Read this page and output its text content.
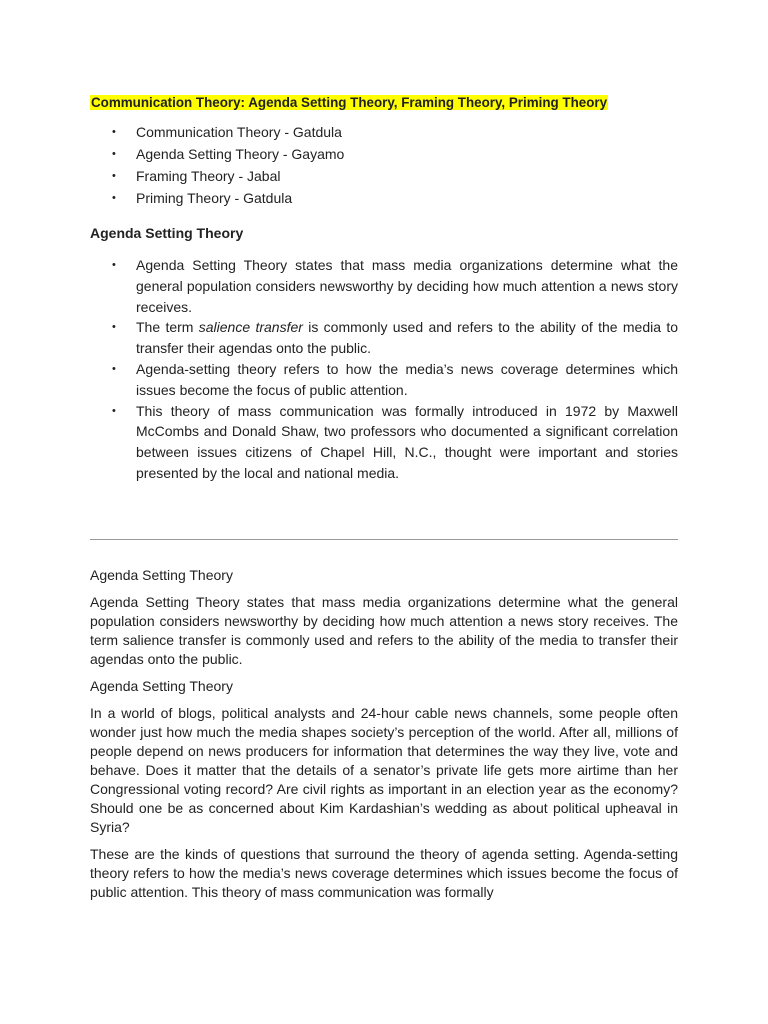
Communication Theory: Agenda Setting Theory, Framing Theory, Priming Theory
• Communication Theory - Gatdula
• Agenda Setting Theory - Gayamo
• Framing Theory - Jabal
• Priming Theory - Gatdula
Agenda Setting Theory
• Agenda Setting Theory states that mass media organizations determine what the general population considers newsworthy by deciding how much attention a news story receives.
• The term salience transfer is commonly used and refers to the ability of the media to transfer their agendas onto the public.
• Agenda-setting theory refers to how the media’s news coverage determines which issues become the focus of public attention.
• This theory of mass communication was formally introduced in 1972 by Maxwell McCombs and Donald Shaw, two professors who documented a significant correlation between issues citizens of Chapel Hill, N.C., thought were important and stories presented by the local and national media.

Agenda Setting Theory

Agenda Setting Theory states that mass media organizations determine what the general population considers newsworthy by deciding how much attention a news story receives. The term salience transfer is commonly used and refers to the ability of the media to transfer their agendas onto the public.

Agenda Setting Theory

In a world of blogs, political analysts and 24-hour cable news channels, some people often wonder just how much the media shapes society’s perception of the world. After all, millions of people depend on news producers for information that determines the way they live, vote and behave. Does it matter that the details of a senator’s private life gets more airtime than her Congressional voting record? Are civil rights as important in an election year as the economy? Should one be as concerned about Kim Kardashian’s wedding as about political upheaval in Syria?

These are the kinds of questions that surround the theory of agenda setting. Agenda-setting theory refers to how the media’s news coverage determines which issues become the focus of public attention. This theory of mass communication was formally
